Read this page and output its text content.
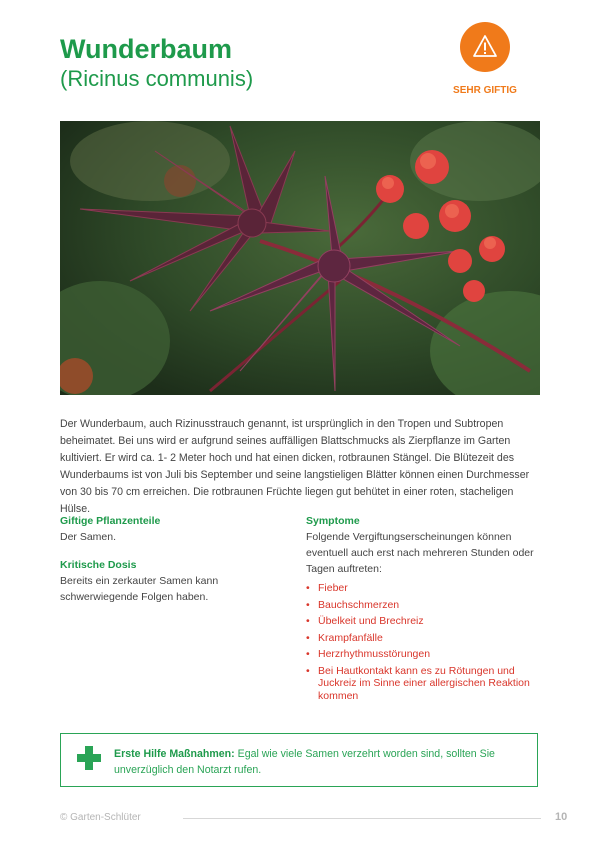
Wunderbaum
(Ricinus communis)	SEHR GIFTIG

Der Wunderbaum, auch Rizinusstrauch genannt, ist ursprünglich in den Tropen und Subtropen beheimatet. Bei uns wird er aufgrund seines auffälligen Blattschmucks als Zierpflanze im Garten kultiviert. Er wird ca. 1- 2 Meter hoch und hat einen dicken, rotbraunen Stängel. Die Blütezeit des Wunderbaums ist von Juli bis September und seine langstieligen Blätter können einen Durchmesser von 30 bis 70 cm erreichen. Die rotbraunen Früchte liegen gut behütet in einer roten, stacheligen Hülse.

Giftige Pflanzenteile

Der Samen.

Kritische Dosis

Bereits ein zerkauter Samen kann schwerwiegende Folgen haben.

Symptome

Folgende Vergiftungserscheinungen können eventuell auch erst nach mehreren Stunden oder Tagen auftreten:

• Fieber
• Bauchschmerzen
• Übelkeit und Brechreiz
• Krampfanfälle
• Herzrhythmusstörungen
• Bei Hautkontakt kann es zu Rötungen und Juckreiz im Sinne einer allergischen Reaktion kommen

Erste Hilfe Maßnahmen: Egal wie viele Samen verzehrt worden sind, sollten Sie unverzüglich den Notarzt rufen.

© Garten-Schlüter	10
